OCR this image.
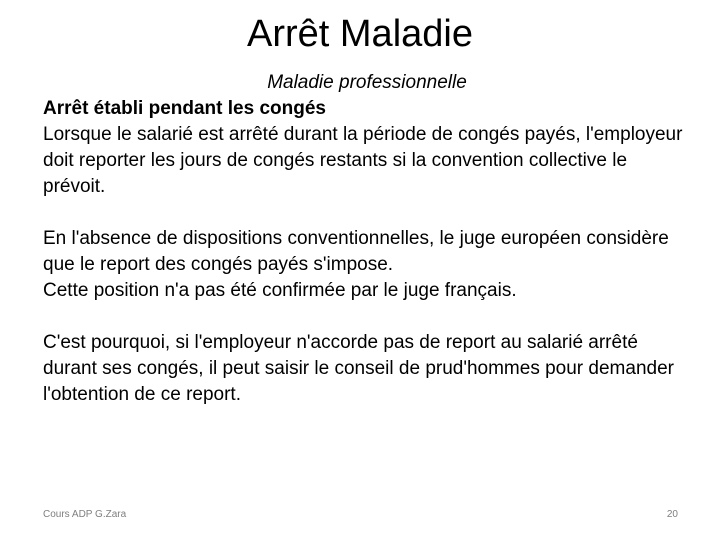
Arrêt Maladie
Maladie professionnelle
Arrêt établi pendant les congés

Lorsque le salarié est arrêté durant la période de congés payés, l'employeur doit reporter les jours de congés restants si la convention collective le prévoit.

En l'absence de dispositions conventionnelles, le juge européen considère que le report des congés payés s'impose.

Cette position n'a pas été confirmée par le juge français.

C'est pourquoi, si l'employeur n'accorde pas de report au salarié arrêté durant ses congés, il peut saisir le conseil de prud'hommes pour demander l'obtention de ce report.

Cours ADP G.Zara	20
